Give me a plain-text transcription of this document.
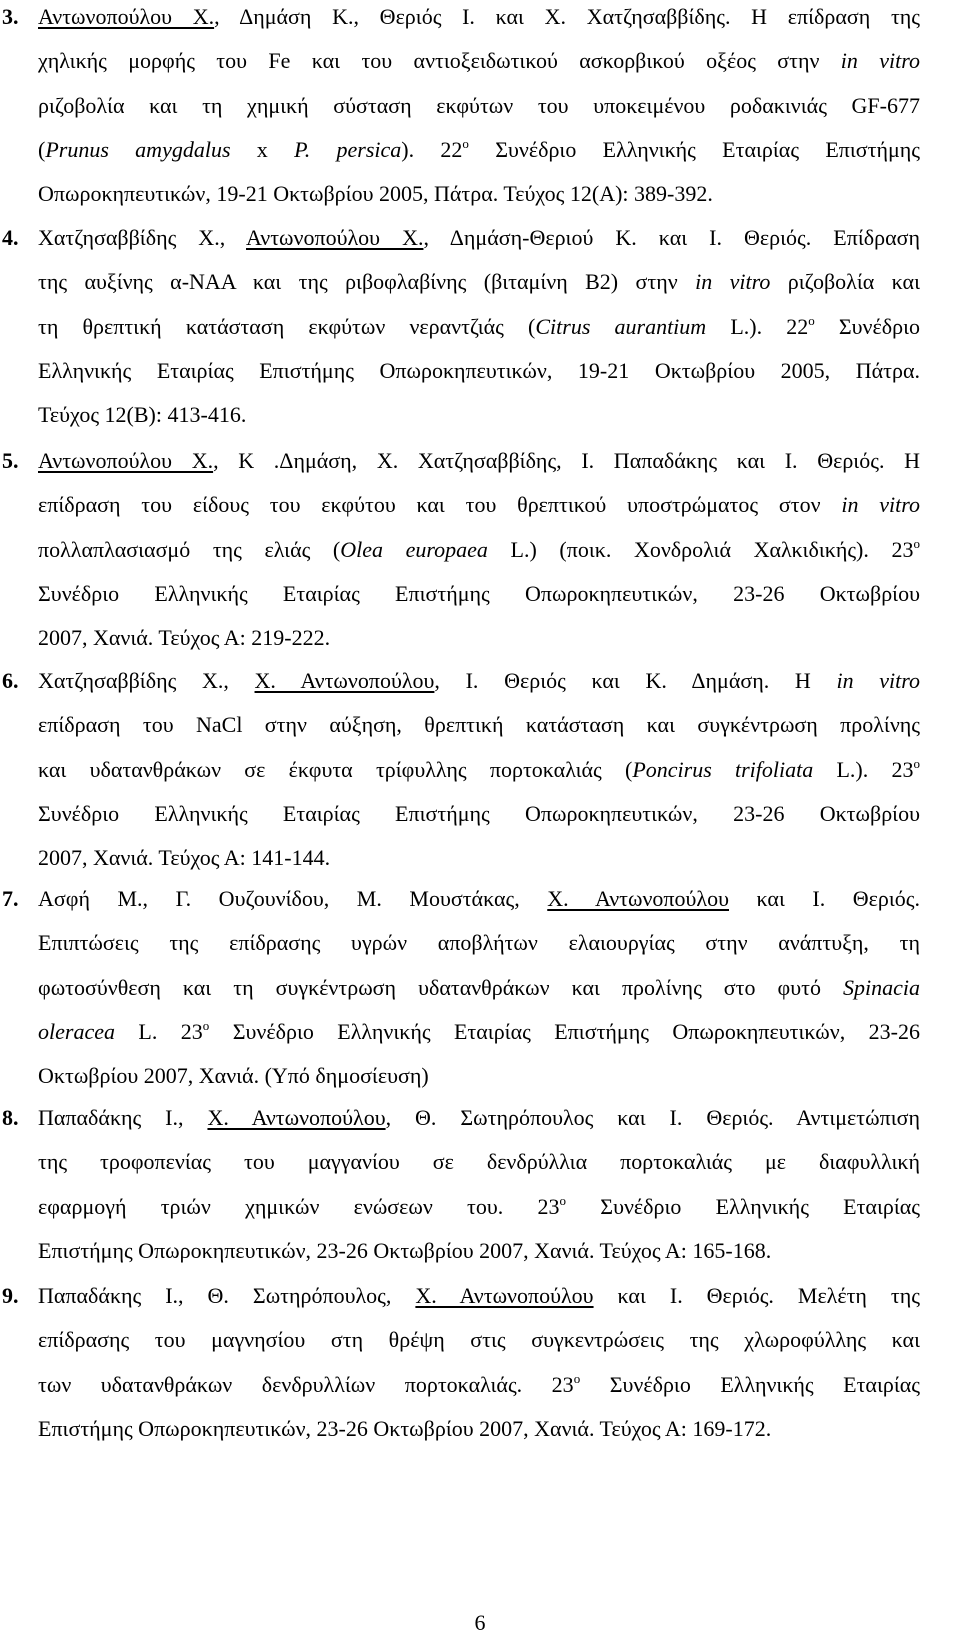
3. Αντωνοπούλου Χ., Δημάση Κ., Θεριός Ι. και Χ. Χατζησαββίδης. Η επίδραση της
χηλικής μορφής του Fe και του αντιοξειδωτικού ασκορβικού οξέος στην in vitro
ριζοβολία και τη χημική σύσταση εκφύτων του υποκειμένου ροδακινιάς GF-677
(Prunus amygdalus x P. persica). $22^o$ Συνέδριο Ελληνικής Εταιρίας Επιστήμης
Οπωροκηπευτικών, 19-21 Οκτωβρίου 2005, Πάτρα. Τεύχος 12(Α): 389-392.
4. Χατζησαββίδης Χ., Αντωνοπούλου Χ., Δημάση-Θεριού Κ. και Ι. Θεριός. Επίδραση
της αυξίνης α-ΝΑΑ και της ριβοφλαβίνης (βιταμίνη Β2) στην in vitro ριζοβολία και
τη θρεπτική κατάσταση εκφύτων νεραντζιάς (Citrus aurantium L.). $22^o$ Συνέδριο
Ελληνικής Εταιρίας Επιστήμης Οπωροκηπευτικών, 19-21 Οκτωβρίου 2005, Πάτρα.
Τεύχος 12(Β): 413-416.
5. Αντωνοπούλου Χ., Κ .Δημάση, Χ. Χατζησαββίδης, Ι. Παπαδάκης και Ι. Θεριός. Η
επίδραση του είδους του εκφύτου και του θρεπτικού υποστρώματος στον in vitro
πολλαπλασιασμό της ελιάς (Olea europaea L.) (ποικ. Χονδρολιά Χαλκιδικής). $23^o$
Συνέδριο Ελληνικής Εταιρίας Επιστήμης Οπωροκηπευτικών, 23-26 Οκτωβρίου
2007, Χανιά. Τεύχος Α: 219-222.
6. Χατζησαββίδης Χ., Χ. Αντωνοπούλου, Ι. Θεριός και Κ. Δημάση. Η in vitro
επίδραση του NaCl στην αύξηση, θρεπτική κατάσταση και συγκέντρωση προλίνης
και υδατανθράκων σε έκφυτα τρίφυλλης πορτοκαλιάς (Poncirus trifoliata L.). $23^o$
Συνέδριο Ελληνικής Εταιρίας Επιστήμης Οπωροκηπευτικών, 23-26 Οκτωβρίου
2007, Χανιά. Τεύχος Α: 141-144.
7. Ασφή Μ., Γ. Ουζουνίδου, Μ. Μουστάκας, Χ. Αντωνοπούλου και Ι. Θεριός.
Επιπτώσεις της επίδρασης υγρών αποβλήτων ελαιουργίας στην ανάπτυξη, τη
φωτοσύνθεση και τη συγκέντρωση υδατανθράκων και προλίνης στο φυτό Spinacia
oleracea L. $23^o$ Συνέδριο Ελληνικής Εταιρίας Επιστήμης Οπωροκηπευτικών, 23-26
Οκτωβρίου 2007, Χανιά. (Υπό δημοσίευση)
8. Παπαδάκης Ι., Χ. Αντωνοπούλου, Θ. Σωτηρόπουλος και Ι. Θεριός. Αντιμετώπιση
της τροφοπενίας του μαγγανίου σε δενδρύλλια πορτοκαλιάς με διαφυλλική
εφαρμογή τριών χημικών ενώσεων του. $23^o$ Συνέδριο Ελληνικής Εταιρίας
Επιστήμης Οπωροκηπευτικών, 23-26 Οκτωβρίου 2007, Χανιά. Τεύχος Α: 165-168.
9. Παπαδάκης Ι., Θ. Σωτηρόπουλος, Χ. Αντωνοπούλου και Ι. Θεριός. Μελέτη της
επίδρασης του μαγνησίου στη θρέψη στις συγκεντρώσεις της χλωροφύλλης και
των υδατανθράκων δενδρυλλίων πορτοκαλιάς. $23^o$ Συνέδριο Ελληνικής Εταιρίας
Επιστήμης Οπωροκηπευτικών, 23-26 Οκτωβρίου 2007, Χανιά. Τεύχος Α: 169-172.
6
